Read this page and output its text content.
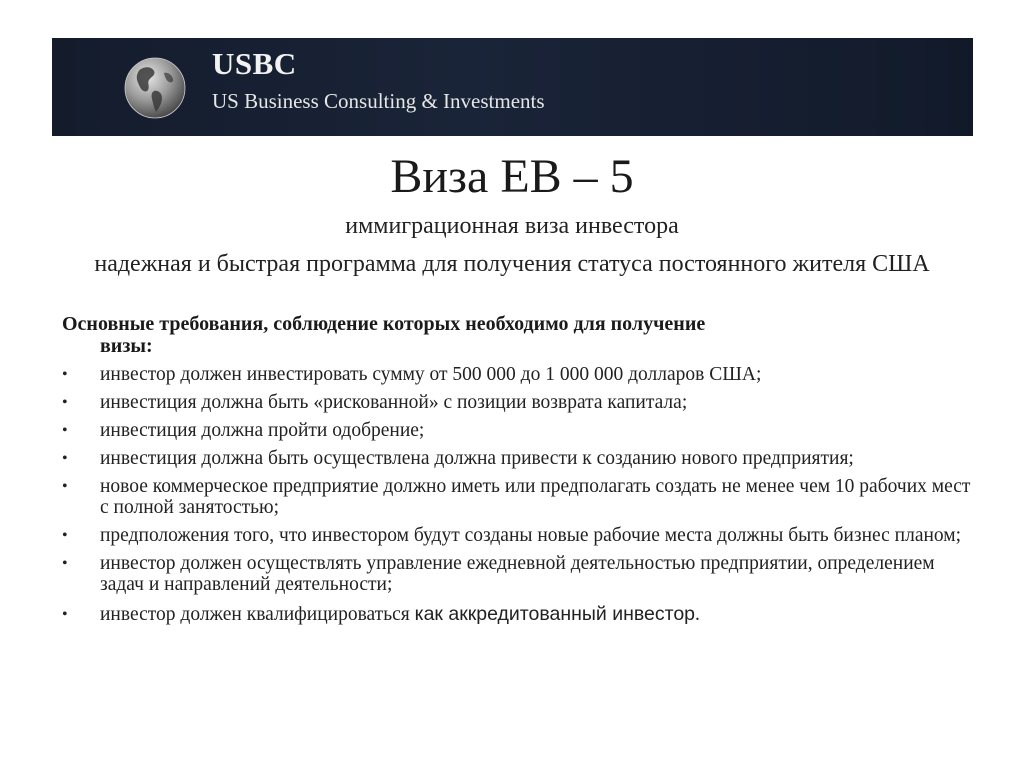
USBC
US Business Consulting & Investments
Виза ЕВ – 5
иммиграционная виза инвестора
надежная и быстрая программа для получения статуса постоянного жителя США
Основные требования, соблюдение которых необходимо для получение
визы:
• инвестор должен инвестировать сумму от 500 000 до 1 000 000 долларов США;
• инвестиция должна быть «рискованной» с позиции возврата капитала;
• инвестиция должна пройти одобрение;
• инвестиция должна быть осуществлена должна привести к созданию нового предприятия;
• новое коммерческое предприятие должно иметь или предполагать создать не менее чем 10 рабочих мест с полной занятостью;
• предположения того, что инвестором будут созданы новые рабочие места должны быть бизнес планом;
• инвестор должен осуществлять управление ежедневной деятельностью предприятии, определением задач и направлений деятельности;
• инвестор должен квалифицироваться как аккредитованный инвестор.
